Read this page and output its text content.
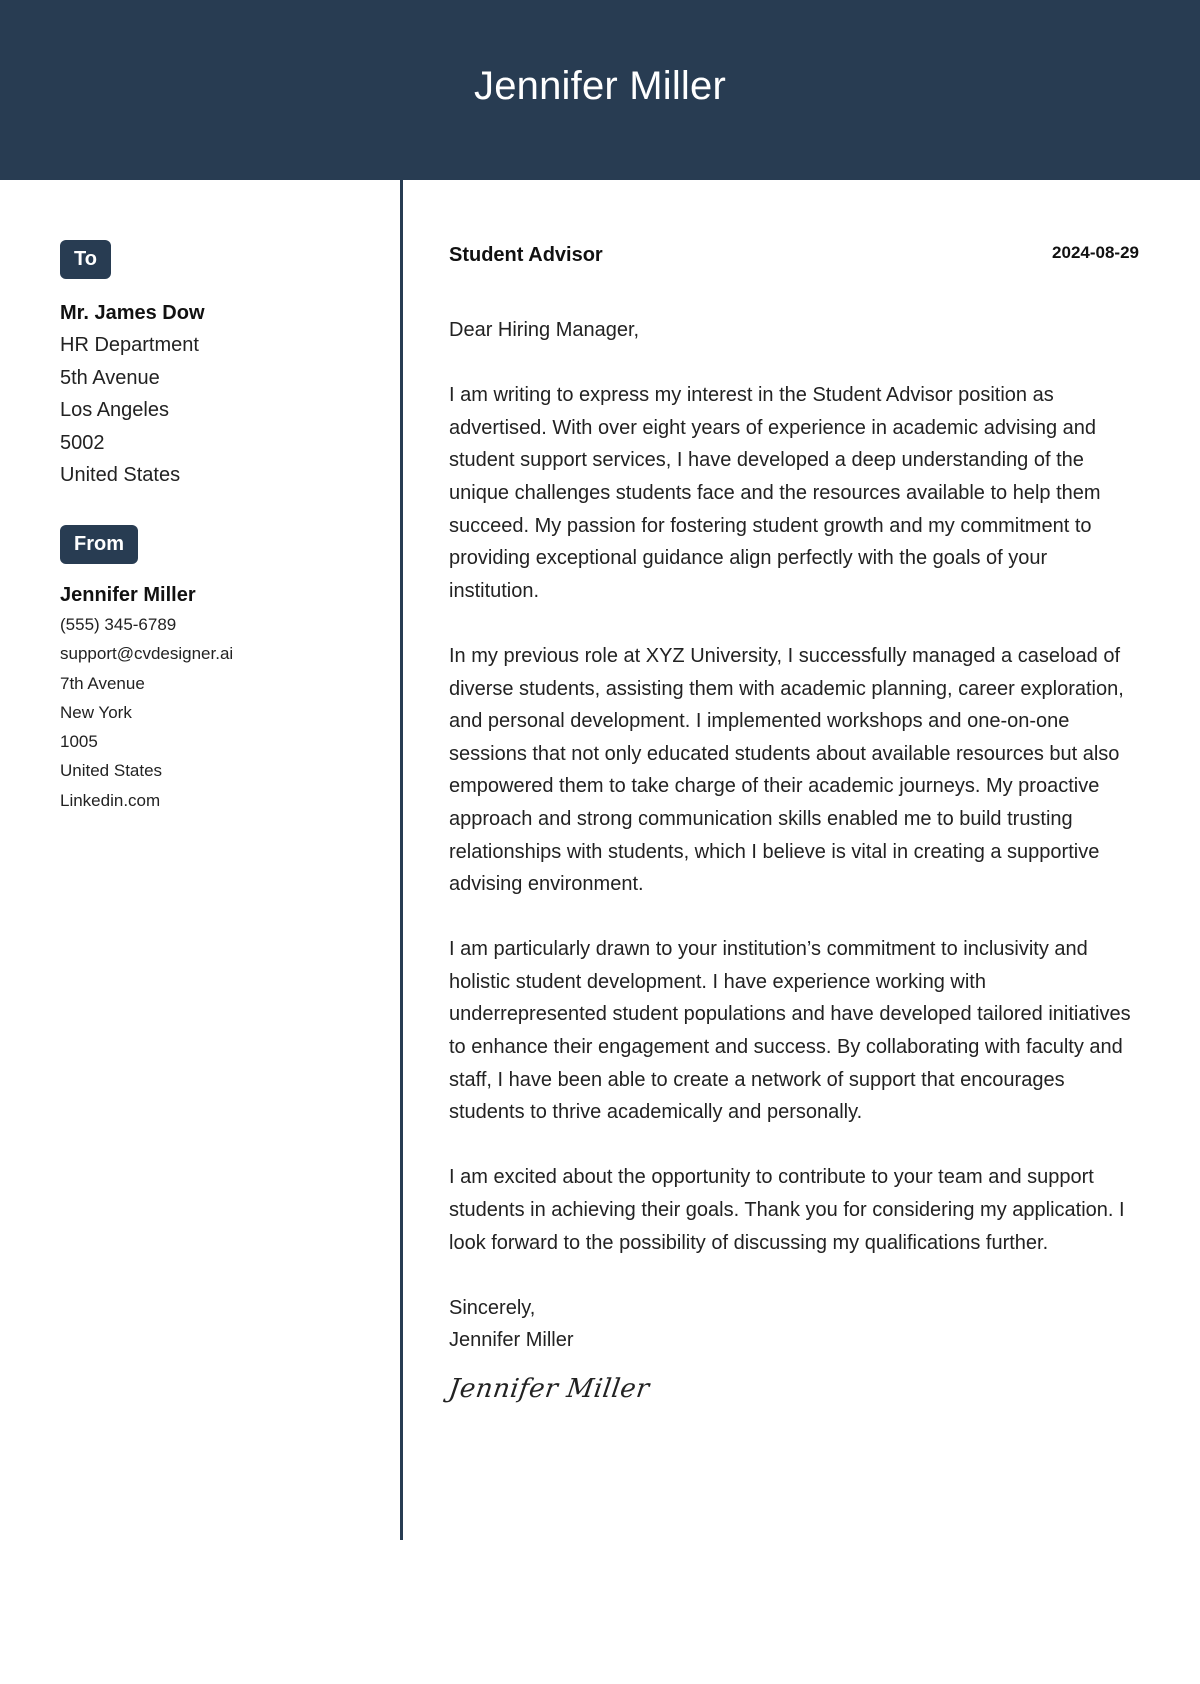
Jennifer Miller
To
Mr. James Dow
HR Department
5th Avenue
Los Angeles
5002
United States
From
Jennifer Miller
(555) 345-6789
support@cvdesigner.ai
7th Avenue
New York
1005
United States
Linkedin.com
Student Advisor	2024-08-29

Dear Hiring Manager,

I am writing to express my interest in the Student Advisor position as advertised. With over eight years of experience in academic advising and student support services, I have developed a deep understanding of the unique challenges students face and the resources available to help them succeed. My passion for fostering student growth and my commitment to providing exceptional guidance align perfectly with the goals of your institution.

In my previous role at XYZ University, I successfully managed a caseload of diverse students, assisting them with academic planning, career exploration, and personal development. I implemented workshops and one-on-one sessions that not only educated students about available resources but also empowered them to take charge of their academic journeys. My proactive approach and strong communication skills enabled me to build trusting relationships with students, which I believe is vital in creating a supportive advising environment.

I am particularly drawn to your institution’s commitment to inclusivity and holistic student development. I have experience working with underrepresented student populations and have developed tailored initiatives to enhance their engagement and success. By collaborating with faculty and staff, I have been able to create a network of support that encourages students to thrive academically and personally.

I am excited about the opportunity to contribute to your team and support students in achieving their goals. Thank you for considering my application. I look forward to the possibility of discussing my qualifications further.

Sincerely,
Jennifer Miller
Jennifer Miller
